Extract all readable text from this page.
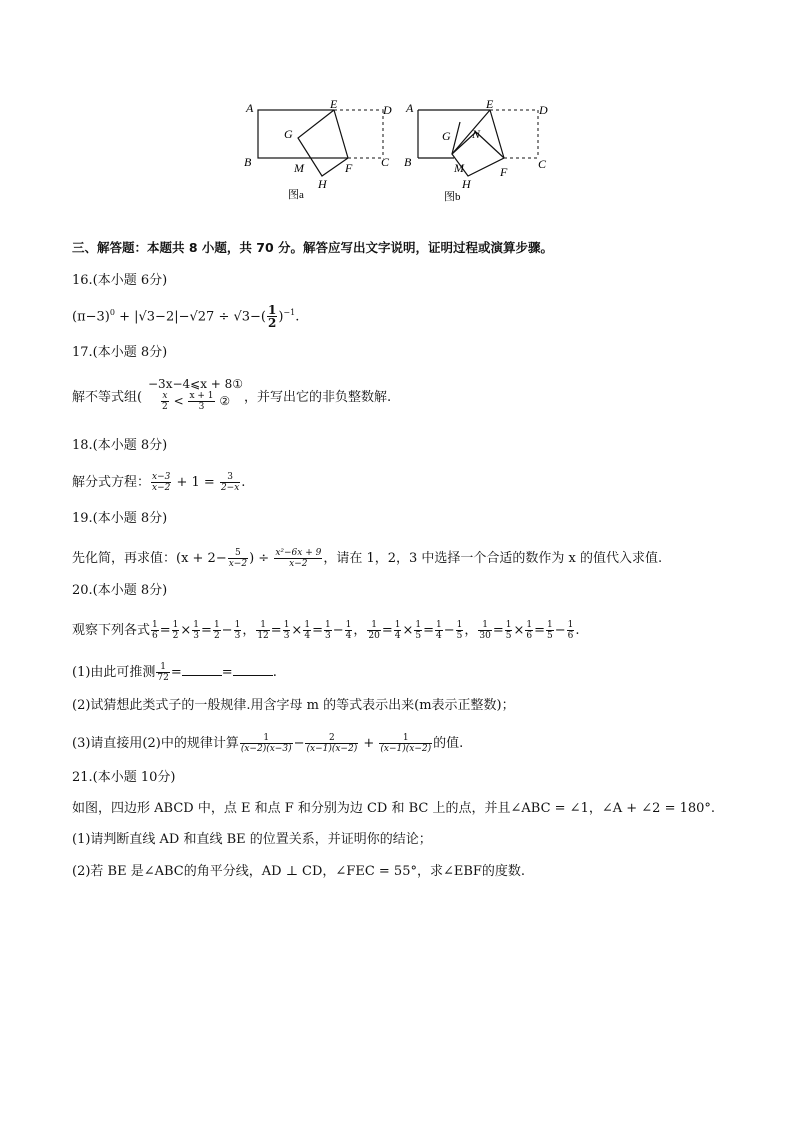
A
B	C
D
E
F
G
H
M
图a
A
B	C
D
E
F
G
H
M
N
图b
三、解答题：本题共 8 小题，共 70 分。解答应写出文字说明，证明过程或演算步骤。
16.(本小题 6分)
$(\pi-3)^0 + |√3-2|-√27 \div √3-( \frac{1}{2} )^{-1}$.
17.(本小题 8分)
解不等式组(
−3x−4⩽x + 8①
$\frac{x}{2} < \frac{x + 1}{3}$ ② ，并写出它的非负整数解.
18.(本小题 8分)
解分式方程： $\frac{x-3}{x-2} + 1 = \frac{3}{2-x}$ .
19.(本小题 8分)
先化简，再求值：($x + 2- \frac{5}{x-2}$ ) ÷ $\frac{\text{x²−6x + 9}}{x-2}$ ，请在 1，2，3 中选择一个合适的数作为 x 的值代入求值.
20.(本小题 8分)
观察下列各式 $\frac{1}{6} = \frac{1}{2} \times \frac{1}{3} = \frac{1}{2} - \frac{1}{3}$ ， $\frac{1}{12} = \frac{1}{3} \times \frac{1}{4} = \frac{1}{3} - \frac{1}{4}$ ， $\frac{1}{20} = \frac{1}{4} \times \frac{1}{5} = \frac{1}{4} - \frac{1}{5}$ ， $\frac{1}{30} = \frac{1}{5} \times \frac{1}{6} = \frac{1}{5} - \frac{1}{6}$ .
(1)由此可推测 $\frac{1}{72}$ =	=	.
(2)试猜想此类式子的一般规律.用含字母 m 的等式表示出来(m表示正整数)；
(3)请直接用(2)中的规律计算 $\frac{1}{(x-2)(x-3)} - \frac{2}{(x-1)(x-2)} + \frac{1}{(x-1)(x-2)}$ 的值.
21.(本小题 10分)
如图，四边形 ABCD 中，点 E 和点 F 和分别为边 CD 和 BC 上的点，并且∠ABC = ∠1，∠A + ∠2 = 180°.
(1)请判断直线 AD 和直线 BE 的位置关系，并证明你的结论；
(2)若 BE 是∠ABC的角平分线，AD ⊥ CD，∠FEC = 55°，求∠EBF的度数.
